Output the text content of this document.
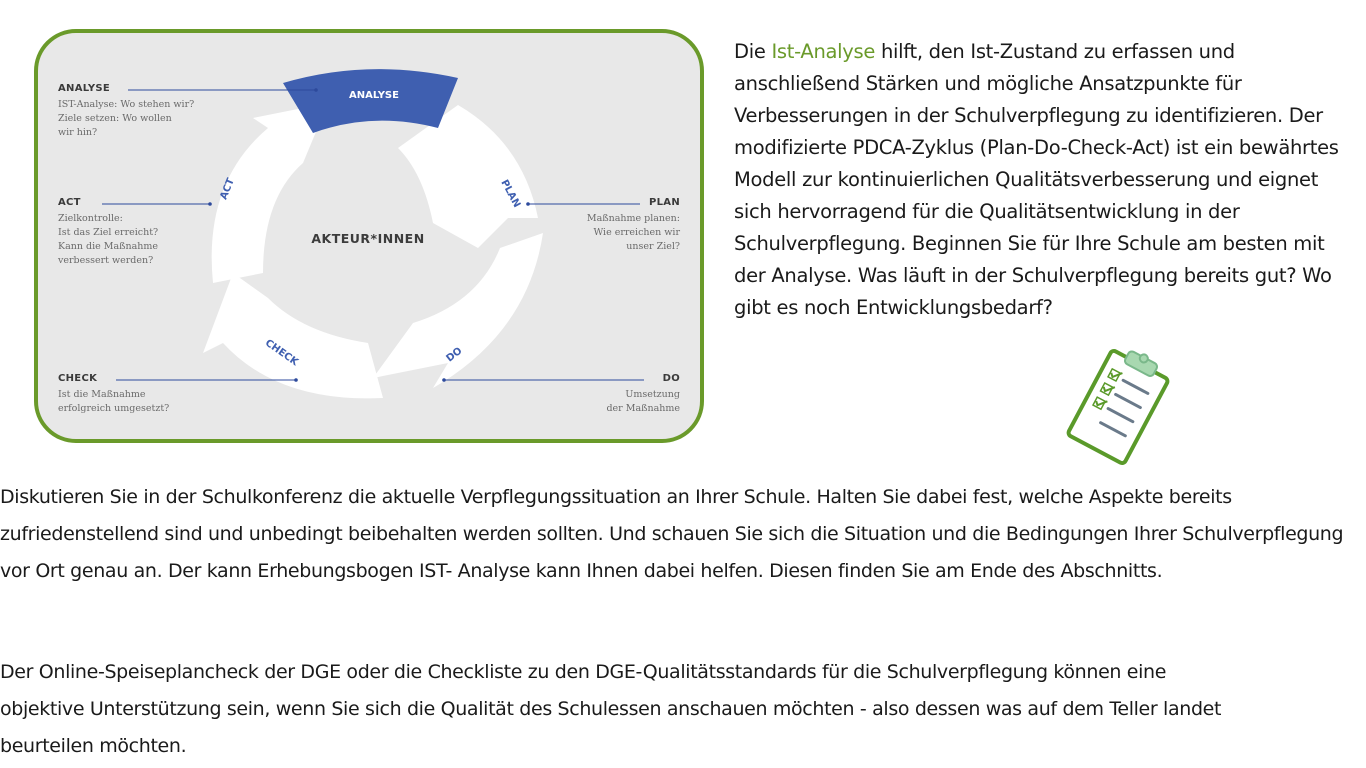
ANALYSE
PLAN
DO
CHECK
ACT
AKTEUR*INNEN
ANALYSE
IST-Analyse: Wo stehen wir?
Ziele setzen: Wo wollen
wir hin?
ACT
Zielkontrolle:
Ist das Ziel erreicht?
Kann die Maßnahme
verbessert werden?
CHECK
Ist die Maßnahme
erfolgreich umgesetzt?
PLAN
Maßnahme planen:
Wie erreichen wir
unser Ziel?
DO
Umsetzung
der Maßnahme
Die Ist-Analyse hilft, den Ist-Zustand zu erfassen und anschließend Stärken und mögliche Ansatzpunkte für Verbesserungen in der Schulverpflegung zu identifizieren. Der modifizierte PDCA-Zyklus (Plan-Do-Check-Act) ist ein bewährtes Modell zur kontinuierlichen Qualitätsverbesserung und eignet sich hervorragend für die Qualitätsentwicklung in der Schulverpflegung. Beginnen Sie für Ihre Schule am besten mit der Analyse. Was läuft in der Schulverpflegung bereits gut? Wo gibt es noch Entwicklungsbedarf?
Diskutieren Sie in der Schulkonferenz die aktuelle Verpflegungssituation an Ihrer Schule. Halten Sie dabei fest, welche Aspekte bereits zufriedenstellend sind und unbedingt beibehalten werden sollten. Und schauen Sie sich die Situation und die Bedingungen Ihrer Schulverpflegung vor Ort genau an. Der kann Erhebungsbogen IST- Analyse kann Ihnen dabei helfen. Diesen finden Sie am Ende des Abschnitts.
Der Online-Speiseplancheck der DGE oder die Checkliste zu den DGE-Qualitätsstandards für die Schulverpflegung können eine objektive Unterstützung sein, wenn Sie sich die Qualität des Schulessen anschauen möchten - also dessen was auf dem Teller landet beurteilen möchten.
